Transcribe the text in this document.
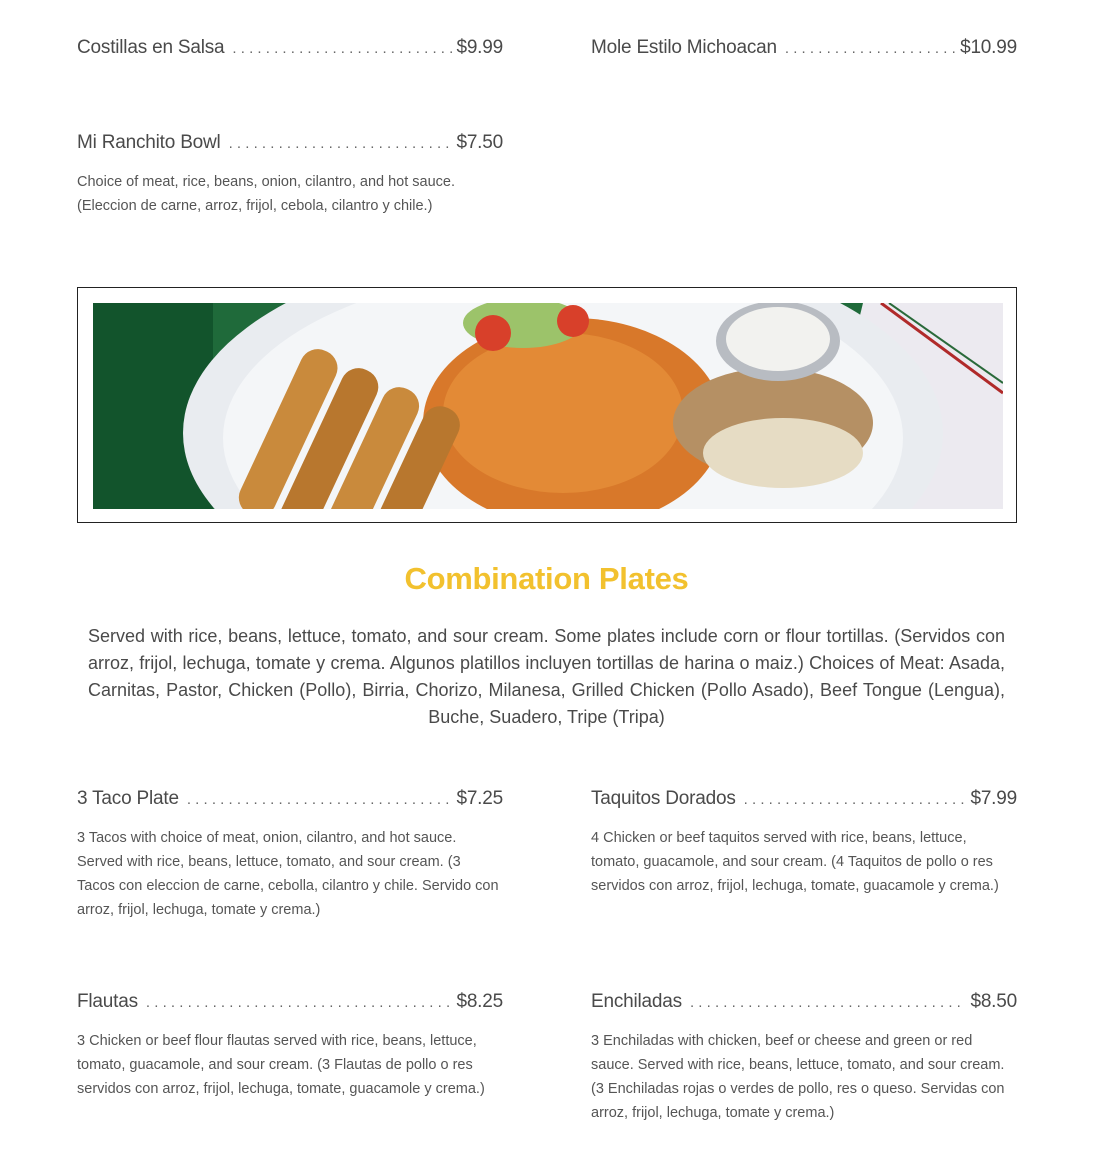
Costillas en Salsa . . .	$9.99	Mole Estilo Michoacan . . .	$10.99
Mi Ranchito Bowl . . .	$7.50
Choice of meat, rice, beans, onion, cilantro, and hot sauce. (Eleccion de carne, arroz, frijol, cebola, cilantro y chile.)
Combination Plates
Served with rice, beans, lettuce, tomato, and sour cream. Some plates include corn or flour tortillas. (Servidos con arroz, frijol, lechuga, tomate y crema. Algunos platillos incluyen tortillas de harina o maiz.) Choices of Meat: Asada, Carnitas, Pastor, Chicken (Pollo), Birria, Chorizo, Milanesa, Grilled Chicken (Pollo Asado), Beef Tongue (Lengua), Buche, Suadero, Tripe (Tripa)
3 Taco Plate . . .	$7.25
3 Tacos with choice of meat, onion, cilantro, and hot sauce. Served with rice, beans, lettuce, tomato, and sour cream. (3 Tacos con eleccion de carne, cebolla, cilantro y chile. Servido con arroz, frijol, lechuga, tomate y crema.)
Taquitos Dorados . . .	$7.99
4 Chicken or beef taquitos served with rice, beans, lettuce, tomato, guacamole, and sour cream. (4 Taquitos de pollo o res servidos con arroz, frijol, lechuga, tomate, guacamole y crema.)
Flautas . . .	$8.25
3 Chicken or beef flour flautas served with rice, beans, lettuce, tomato, guacamole, and sour cream. (3 Flautas de pollo o res servidos con arroz, frijol, lechuga, tomate, guacamole y crema.)
Enchiladas . . .	$8.50
3 Enchiladas with chicken, beef or cheese and green or red sauce. Served with rice, beans, lettuce, tomato, and sour cream. (3 Enchiladas rojas o verdes de pollo, res o queso. Servidas con arroz, frijol, lechuga, tomate y crema.)
